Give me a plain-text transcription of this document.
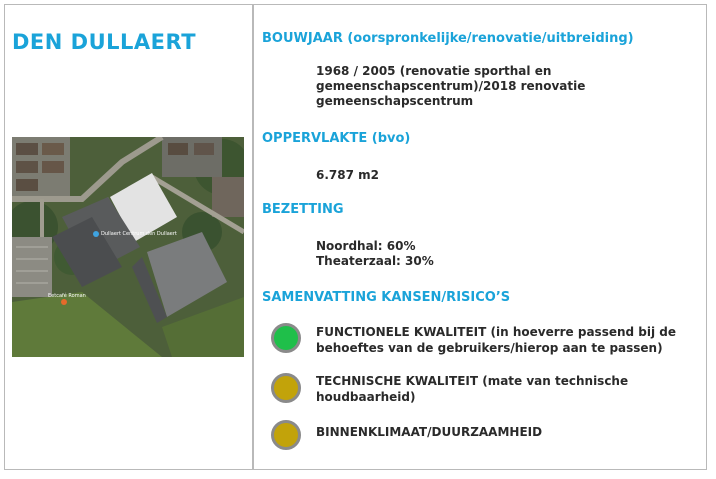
DEN DULLAERT
Dullaert Centrum den Dullaert
Eetcafé Roman
BOUWJAAR (oorspronkelijke/renovatie/uitbreiding)
1968 / 2005 (renovatie sporthal en
gemeenschapscentrum)/2018 renovatie
gemeenschapscentrum
OPPERVLAKTE (bvo)
6.787 m2
BEZETTING
Noordhal: 60%
Theaterzaal: 30%
SAMENVATTING KANSEN/RISICO’S
FUNCTIONELE KWALITEIT (in hoeverre passend bij de
behoeftes van de gebruikers/hierop aan te passen)
TECHNISCHE KWALITEIT (mate van technische
houdbaarheid)
BINNENKLIMAAT/DUURZAAMHEID
